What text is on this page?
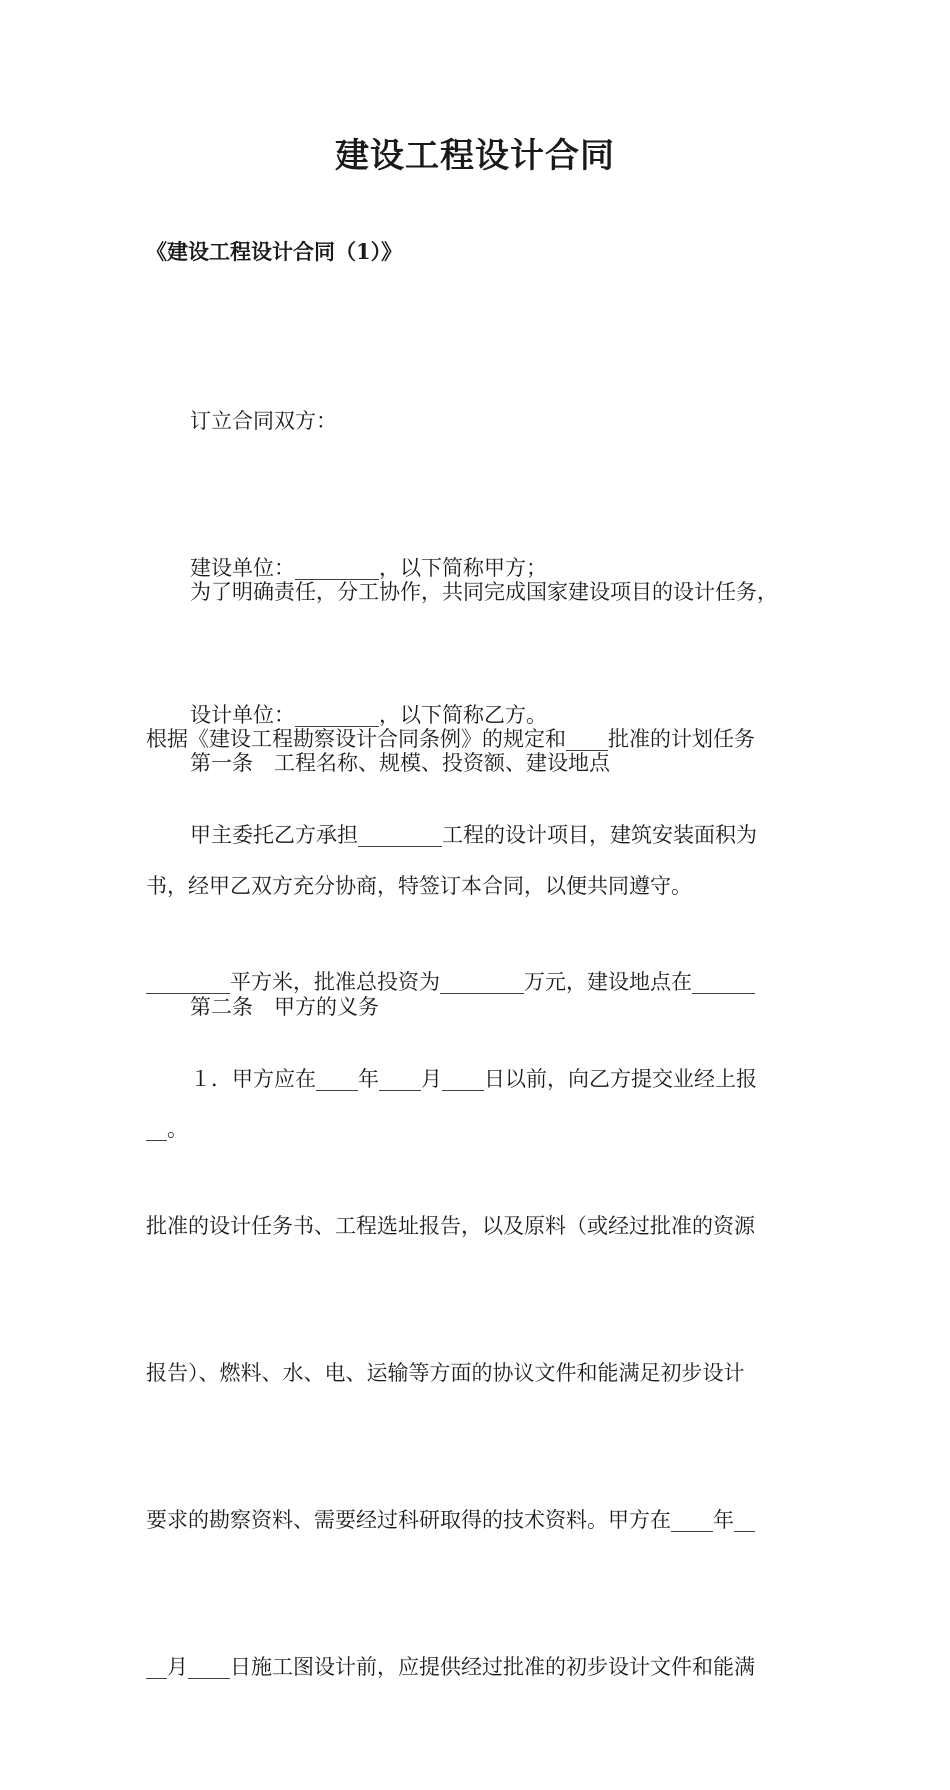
建设工程设计合同
《建设工程设计合同（1）》

订立合同双方：

建设单位：________，以下简称甲方；

设计单位：________，以下简称乙方。

为了明确责任，分工协作，共同完成国家建设项目的设计任务，

根据《建设工程勘察设计合同条例》的规定和____批准的计划任务

书，经甲乙双方充分协商，特签订本合同，以便共同遵守。

第一条　工程名称、规模、投资额、建设地点

甲主委托乙方承担________工程的设计项目，建筑安装面积为

________平方米，批准总投资为________万元，建设地点在______

__。

第二条　甲方的义务

１．甲方应在____年____月____日以前，向乙方提交业经上报

批准的设计任务书、工程选址报告，以及原料（或经过批准的资源

报告）、燃料、水、电、运输等方面的协议文件和能满足初步设计

要求的勘察资料、需要经过科研取得的技术资料。甲方在____年__

__月____日施工图设计前，应提供经过批准的初步设计文件和能满
